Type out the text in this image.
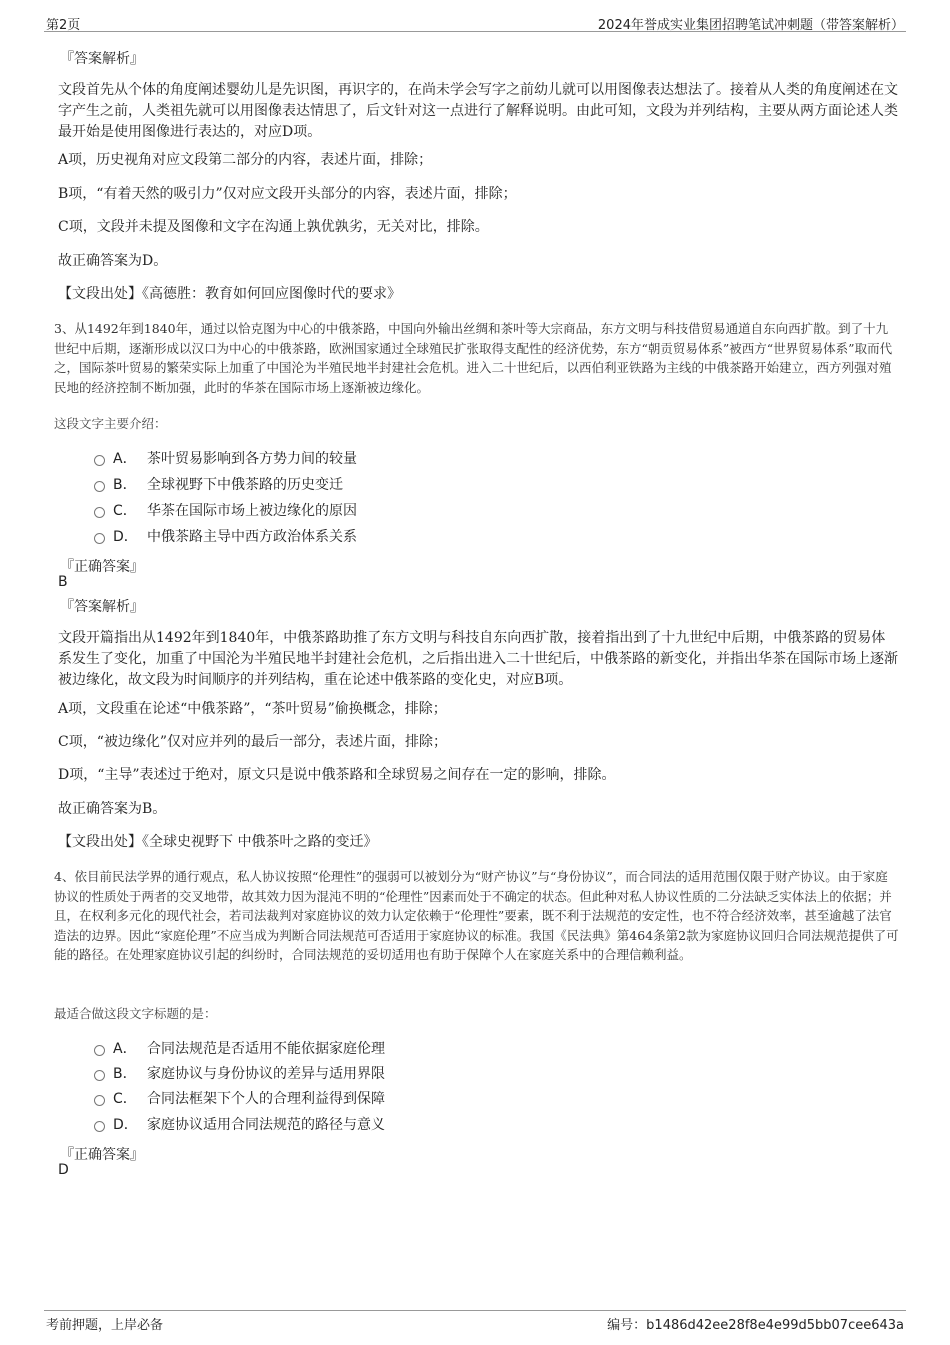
第2页	2024年誉成实业集团招聘笔试冲刺题（带答案解析）
『答案解析』
文段首先从个体的角度阐述婴幼儿是先识图，再识字的，在尚未学会写字之前幼儿就可以用图像表达想法了。接着从人类的角度阐述在文字产生之前，人类祖先就可以用图像表达情思了，后文针对这一点进行了解释说明。由此可知，文段为并列结构，主要从两方面论述人类最开始是使用图像进行表达的，对应D项。
A项，历史视角对应文段第二部分的内容，表述片面，排除；
B项，“有着天然的吸引力”仅对应文段开头部分的内容，表述片面，排除；
C项，文段并未提及图像和文字在沟通上孰优孰劣，无关对比，排除。
故正确答案为D。
【文段出处】《高德胜：教育如何回应图像时代的要求》
3、从1492年到1840年，通过以恰克图为中心的中俄茶路，中国向外输出丝绸和茶叶等大宗商品，东方文明与科技借贸易通道自东向西扩散。到了十九世纪中后期，逐渐形成以汉口为中心的中俄茶路，欧洲国家通过全球殖民扩张取得支配性的经济优势，东方“朝贡贸易体系”被西方“世界贸易体系”取而代之，国际茶叶贸易的繁荣实际上加重了中国沦为半殖民地半封建社会危机。进入二十世纪后，以西伯利亚铁路为主线的中俄茶路开始建立，西方列强对殖民地的经济控制不断加强，此时的华茶在国际市场上逐渐被边缘化。
这段文字主要介绍：
A． 茶叶贸易影响到各方势力间的较量
B． 全球视野下中俄茶路的历史变迁
C． 华茶在国际市场上被边缘化的原因
D． 中俄茶路主导中西方政治体系关系
『正确答案』
B
『答案解析』
文段开篇指出从1492年到1840年，中俄茶路助推了东方文明与科技自东向西扩散，接着指出到了十九世纪中后期，中俄茶路的贸易体系发生了变化，加重了中国沦为半殖民地半封建社会危机，之后指出进入二十世纪后，中俄茶路的新变化，并指出华茶在国际市场上逐渐被边缘化，故文段为时间顺序的并列结构，重在论述中俄茶路的变化史，对应B项。
A项，文段重在论述“中俄茶路”，“茶叶贸易”偷换概念，排除；
C项，“被边缘化”仅对应并列的最后一部分，表述片面，排除；
D项，“主导”表述过于绝对，原文只是说中俄茶路和全球贸易之间存在一定的影响，排除。
故正确答案为B。
【文段出处】《全球史视野下 中俄茶叶之路的变迁》
4、依目前民法学界的通行观点，私人协议按照“伦理性”的强弱可以被划分为“财产协议”与“身份协议”，而合同法的适用范围仅限于财产协议。由于家庭协议的性质处于两者的交叉地带，故其效力因为混沌不明的“伦理性”因素而处于不确定的状态。但此种对私人协议性质的二分法缺乏实体法上的依据；并且，在权利多元化的现代社会，若司法裁判对家庭协议的效力认定依赖于“伦理性”要素，既不利于法规范的安定性，也不符合经济效率，甚至逾越了法官造法的边界。因此“家庭伦理”不应当成为判断合同法规范可否适用于家庭协议的标准。我国《民法典》第464条第2款为家庭协议回归合同法规范提供了可能的路径。在处理家庭协议引起的纠纷时，合同法规范的妥切适用也有助于保障个人在家庭关系中的合理信赖利益。
最适合做这段文字标题的是：
A． 合同法规范是否适用不能依据家庭伦理
B． 家庭协议与身份协议的差异与适用界限
C． 合同法框架下个人的合理利益得到保障
D． 家庭协议适用合同法规范的路径与意义
『正确答案』
D
考前押题，上岸必备	编号：b1486d42ee28f8e4e99d5bb07cee643a
